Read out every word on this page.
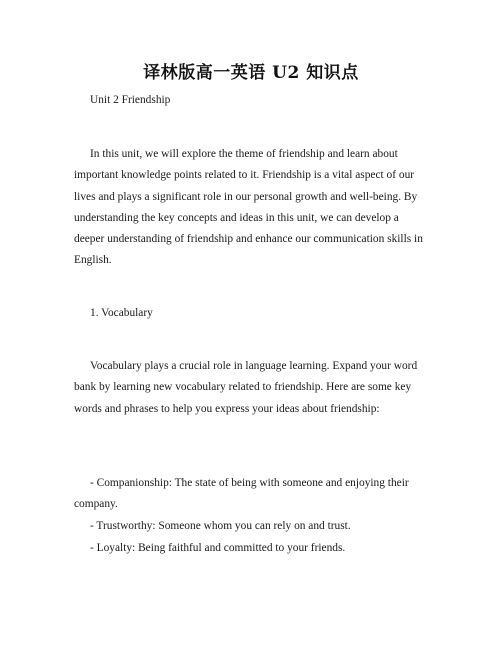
译林版高一英语 U2 知识点

Unit 2 Friendship

In this unit, we will explore the theme of friendship and learn about important knowledge points related to it. Friendship is a vital aspect of our lives and plays a significant role in our personal growth and well-being. By understanding the key concepts and ideas in this unit, we can develop a deeper understanding of friendship and enhance our communication skills in English.

1. Vocabulary

Vocabulary plays a crucial role in language learning. Expand your word bank by learning new vocabulary related to friendship. Here are some key words and phrases to help you express your ideas about friendship:

- Companionship: The state of being with someone and enjoying their company.

- Trustworthy: Someone whom you can rely on and trust.

- Loyalty: Being faithful and committed to your friends.
